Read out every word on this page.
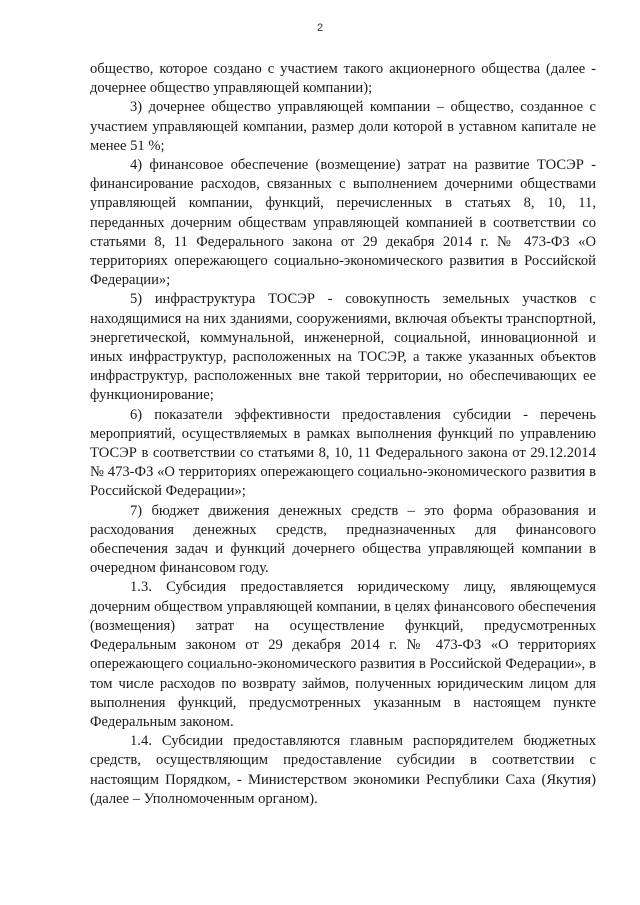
2

общество, которое создано с участием такого акционерного общества (далее - дочернее общество управляющей компании);

3) дочернее общество управляющей компании – общество, созданное с участием управляющей компании, размер доли которой в уставном капитале не менее 51 %;

4) финансовое обеспечение (возмещение) затрат на развитие ТОСЭР - финансирование расходов, связанных с выполнением дочерними обществами управляющей компании, функций, перечисленных в статьях 8, 10, 11, переданных дочерним обществам управляющей компанией в соответствии со статьями 8, 11 Федерального закона от 29 декабря 2014 г. № 473-ФЗ «О территориях опережающего социально-экономического развития в Российской Федерации»;

5) инфраструктура ТОСЭР - совокупность земельных участков с находящимися на них зданиями, сооружениями, включая объекты транспортной, энергетической, коммунальной, инженерной, социальной, инновационной и иных инфраструктур, расположенных на ТОСЭР, а также указанных объектов инфраструктур, расположенных вне такой территории, но обеспечивающих ее функционирование;

6) показатели эффективности предоставления субсидии - перечень мероприятий, осуществляемых в рамках выполнения функций по управлению ТОСЭР в соответствии со статьями 8, 10, 11 Федерального закона от 29.12.2014 № 473-ФЗ «О территориях опережающего социально-экономического развития в Российской Федерации»;

7) бюджет движения денежных средств – это форма образования и расходования денежных средств, предназначенных для финансового обеспечения задач и функций дочернего общества управляющей компании в очередном финансовом году.

1.3. Субсидия предоставляется юридическому лицу, являющемуся дочерним обществом управляющей компании, в целях финансового обеспечения (возмещения) затрат на осуществление функций, предусмотренных Федеральным законом от 29 декабря 2014 г. № 473-ФЗ «О территориях опережающего социально-экономического развития в Российской Федерации», в том числе расходов по возврату займов, полученных юридическим лицом для выполнения функций, предусмотренных указанным в настоящем пункте Федеральным законом.

1.4. Субсидии предоставляются главным распорядителем бюджетных средств, осуществляющим предоставление субсидии в соответствии с настоящим Порядком, - Министерством экономики Республики Саха (Якутия) (далее – Уполномоченным органом).
